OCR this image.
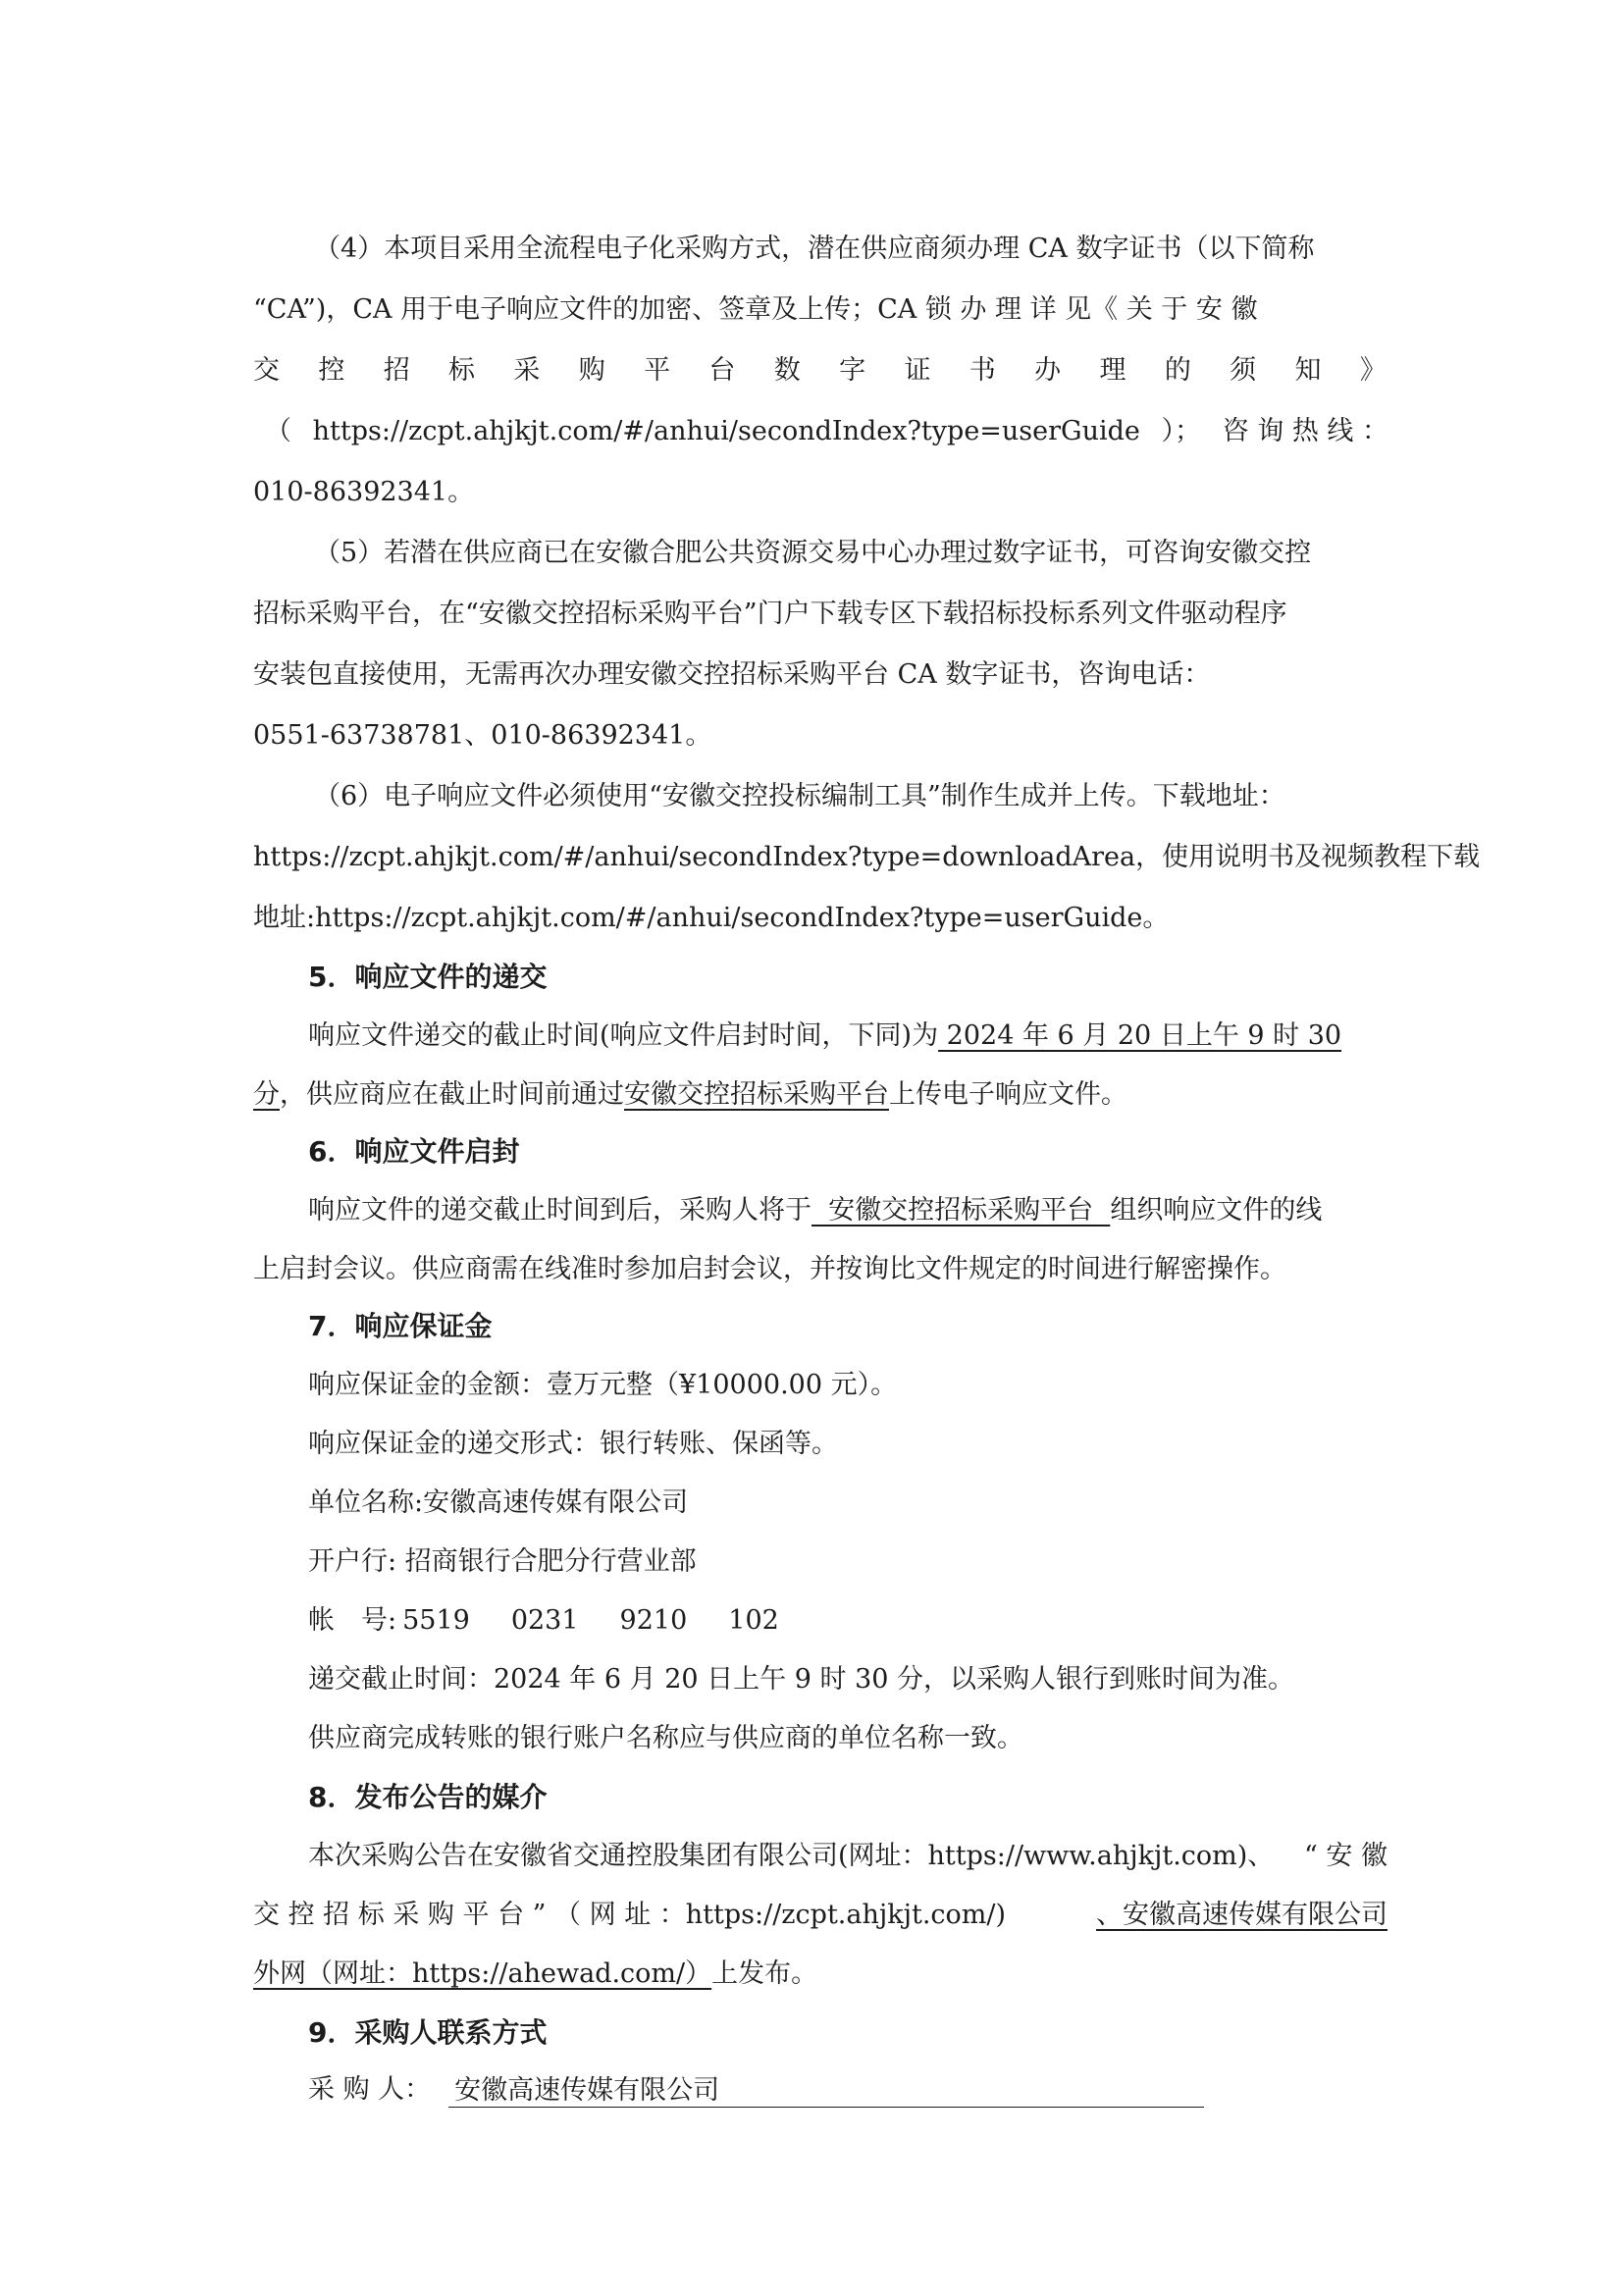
（4）本项目采用全流程电子化采购方式，潜在供应商须办理 CA 数字证书（以下简称
“CA”)，CA 用于电子响应文件的加密、签章及上传；CA 锁 办 理 详 见《 关 于 安 徽
交 控 招 标 采 购 平 台 数 字 证 书 办 理 的 须 知 》
（ https://zcpt.ahjkjt.com/#/anhui/secondIndex?type=userGuide ）； 咨 询 热 线 ：
010-86392341。
（5）若潜在供应商已在安徽合肥公共资源交易中心办理过数字证书，可咨询安徽交控
招标采购平台，在“安徽交控招标采购平台”门户下载专区下载招标投标系列文件驱动程序
安装包直接使用，无需再次办理安徽交控招标采购平台 CA 数字证书，咨询电话：
0551-63738781、010-86392341。
（6）电子响应文件必须使用“安徽交控投标编制工具”制作生成并上传。下载地址：
https://zcpt.ahjkjt.com/#/anhui/secondIndex?type=downloadArea，使用说明书及视频教程下载
地址:https://zcpt.ahjkjt.com/#/anhui/secondIndex?type=userGuide。
5．响应文件的递交
响应文件递交的截止时间(响应文件启封时间，下同)为 2024 年 6 月 20 日上午 9 时 30
分，供应商应在截止时间前通过安徽交控招标采购平台上传电子响应文件。
6．响应文件启封
响应文件的递交截止时间到后，采购人将于  安徽交控招标采购平台  组织响应文件的线
上启封会议。供应商需在线准时参加启封会议，并按询比文件规定的时间进行解密操作。
7．响应保证金
响应保证金的金额：壹万元整（¥10000.00 元）。
响应保证金的递交形式：银行转账、保函等。
单位名称:安徽高速传媒有限公司
开户行: 招商银行合肥分行营业部
帐　号: 5519 0231 9210 102
递交截止时间：2024 年 6 月 20 日上午 9 时 30 分，以采购人银行到账时间为准。
供应商完成转账的银行账户名称应与供应商的单位名称一致。
8．发布公告的媒介
本次采购公告在安徽省交通控股集团有限公司(网址：https://www.ahjkjt.com)、 “ 安 徽
交 控 招 标 采 购 平 台 ” （ 网 址 ：https://zcpt.ahjkjt.com/)	、安徽高速传媒有限公司
外网（网址：https://ahewad.com/）上发布。
9．采购人联系方式
采 购 人： 安徽高速传媒有限公司
